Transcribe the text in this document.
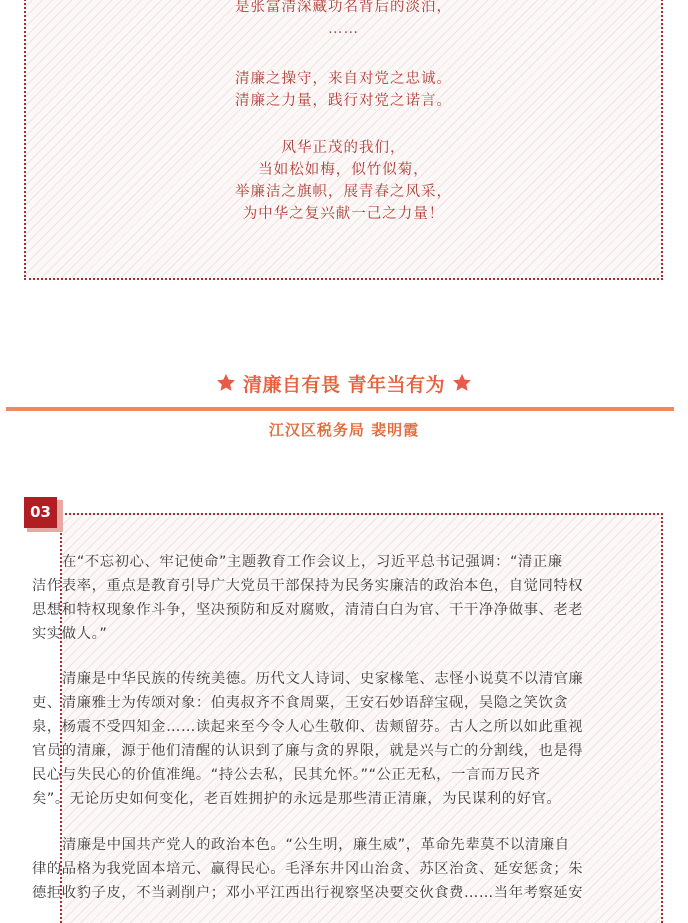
是张富清深藏功名背后的淡泊，
……
清廉之操守，来自对党之忠诚。
清廉之力量，践行对党之诺言。
风华正茂的我们，
当如松如梅，似竹似菊，
举廉洁之旗帜，展青春之风采，
为中华之复兴献一己之力量！
清廉自有畏 青年当有为
江汉区税务局 裴明霞
03
在“不忘初心、牢记使命”主题教育工作会议上，习近平总书记强调：“清正廉
洁作表率，重点是教育引导广大党员干部保持为民务实廉洁的政治本色，自觉同特权
思想和特权现象作斗争，坚决预防和反对腐败，清清白白为官、干干净净做事、老老
实实做人。”
清廉是中华民族的传统美德。历代文人诗词、史家椽笔、志怪小说莫不以清官廉
吏、清廉雅士为传颂对象：伯夷叔齐不食周粟，王安石妙语辞宝砚，吴隐之笑饮贪
泉，杨震不受四知金……读起来至今令人心生敬仰、齿颊留芬。古人之所以如此重视
官员的清廉，源于他们清醒的认识到了廉与贪的界限，就是兴与亡的分割线，也是得
民心与失民心的价值准绳。“持公去私，民其允怀。”“公正无私，一言而万民齐
矣”。无论历史如何变化，老百姓拥护的永远是那些清正清廉，为民谋利的好官。
清廉是中国共产党人的政治本色。“公生明，廉生威”，革命先辈莫不以清廉自
律的品格为我党固本培元、赢得民心。毛泽东井冈山治贪、苏区治贪、延安惩贪；朱
德拒收豹子皮，不当剥削户；邓小平江西出行视察坚决要交伙食费……当年考察延安
